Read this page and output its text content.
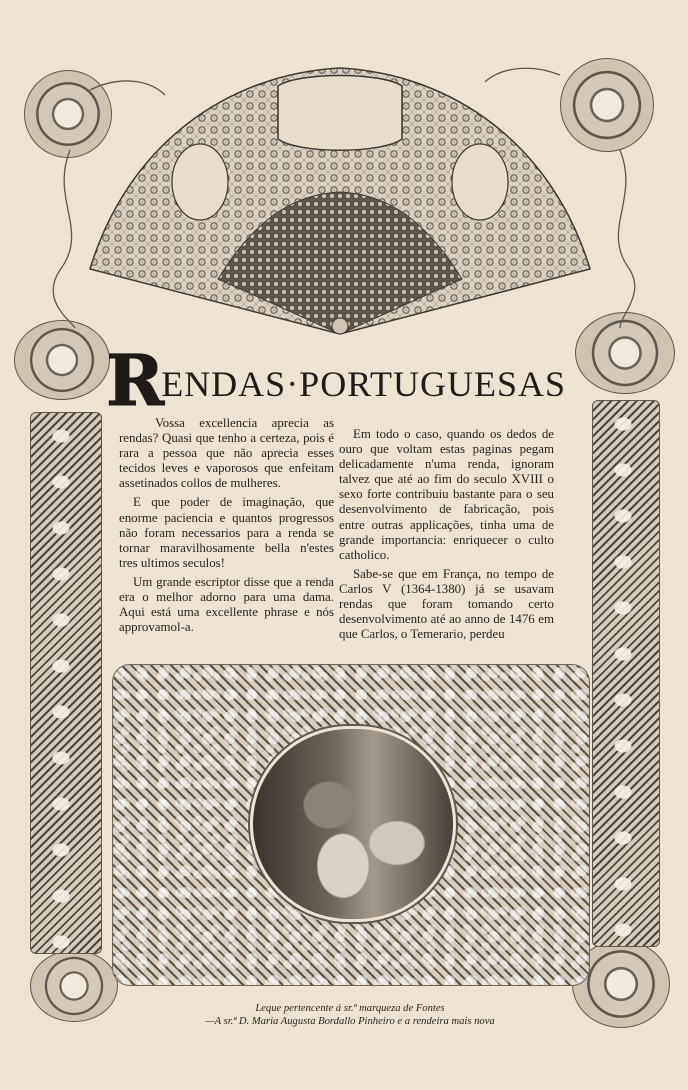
R
ENDAS·PORTUGUESAS

Vossa excellencia aprecia as rendas? Quasi que tenho a certeza, pois é rara a pessoa que não aprecia esses tecidos leves e vaporosos que enfeitam assetinados collos de mulheres.

E que poder de imaginação, que enorme paciencia e quantos progressos não foram necessarios para a renda se tornar maravilhosamente bella n'estes tres ultimos seculos!

Um grande escriptor disse que a renda era o melhor adorno para uma dama. Aqui está uma excellente phrase e nós approvamol-a.

Em todo o caso, quando os dedos de ouro que voltam estas paginas pegam delicadamente n'uma renda, ignoram talvez que até ao fim do seculo XVIII o sexo forte contribuiu bastante para o seu desenvolvimento de fabricação, pois entre outras applicações, tinha uma de grande importancia: enriquecer o culto catholico.

Sabe-se que em França, no tempo de Carlos V (1364-1380) já se usavam rendas que foram tomando certo desenvolvimento até ao anno de 1476 em que Carlos, o Temerario, perdeu

Leque pertencente á sr.ª marqueza de Fontes
—A sr.ª D. Maria Augusta Bordallo Pinheiro e a rendeira mais nova
